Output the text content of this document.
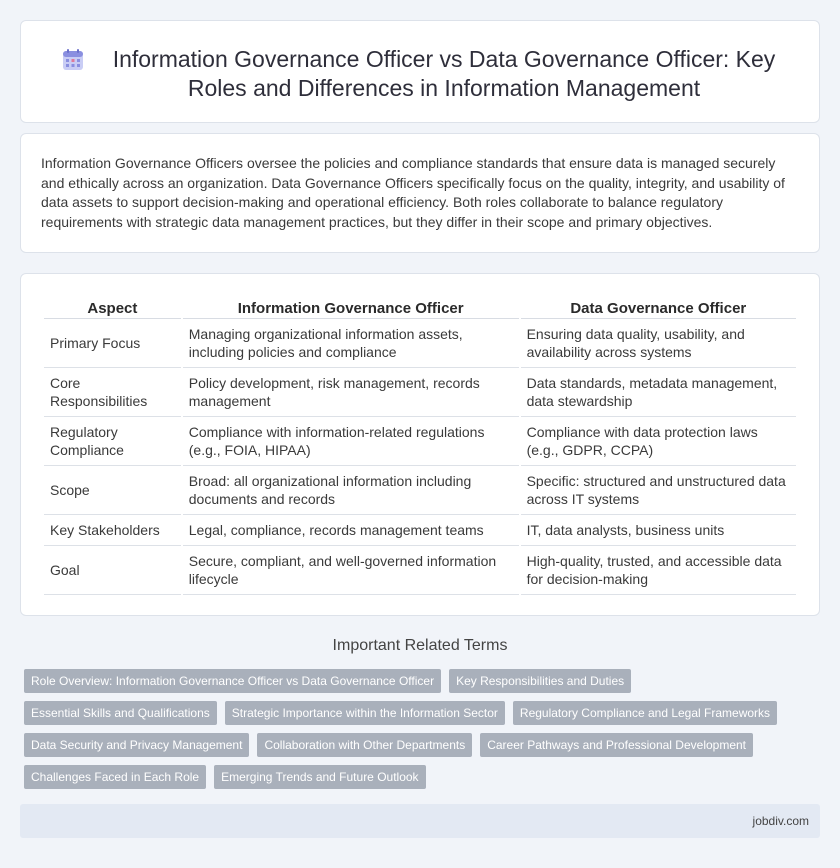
Information Governance Officer vs Data Governance Officer: Key Roles and Differences in Information Management

Information Governance Officers oversee the policies and compliance standards that ensure data is managed securely and ethically across an organization. Data Governance Officers specifically focus on the quality, integrity, and usability of data assets to support decision-making and operational efficiency. Both roles collaborate to balance regulatory requirements with strategic data management practices, but they differ in their scope and primary objectives.

Aspect	Information Governance Officer	Data Governance Officer
Primary Focus	Managing organizational information assets, including policies and compliance	Ensuring data quality, usability, and availability across systems
Core Responsibilities	Policy development, risk management, records management	Data standards, metadata management, data stewardship
Regulatory Compliance	Compliance with information-related regulations (e.g., FOIA, HIPAA)	Compliance with data protection laws (e.g., GDPR, CCPA)
Scope	Broad: all organizational information including documents and records	Specific: structured and unstructured data across IT systems
Key Stakeholders	Legal, compliance, records management teams	IT, data analysts, business units
Goal	Secure, compliant, and well-governed information lifecycle	High-quality, trusted, and accessible data for decision-making
Important Related Terms
Role Overview: Information Governance Officer vs Data Governance Officer	Key Responsibilities and Duties
Essential Skills and Qualifications	Strategic Importance within the Information Sector	Regulatory Compliance and Legal Frameworks
Data Security and Privacy Management	Collaboration with Other Departments	Career Pathways and Professional Development
Challenges Faced in Each Role	Emerging Trends and Future Outlook
jobdiv.com
